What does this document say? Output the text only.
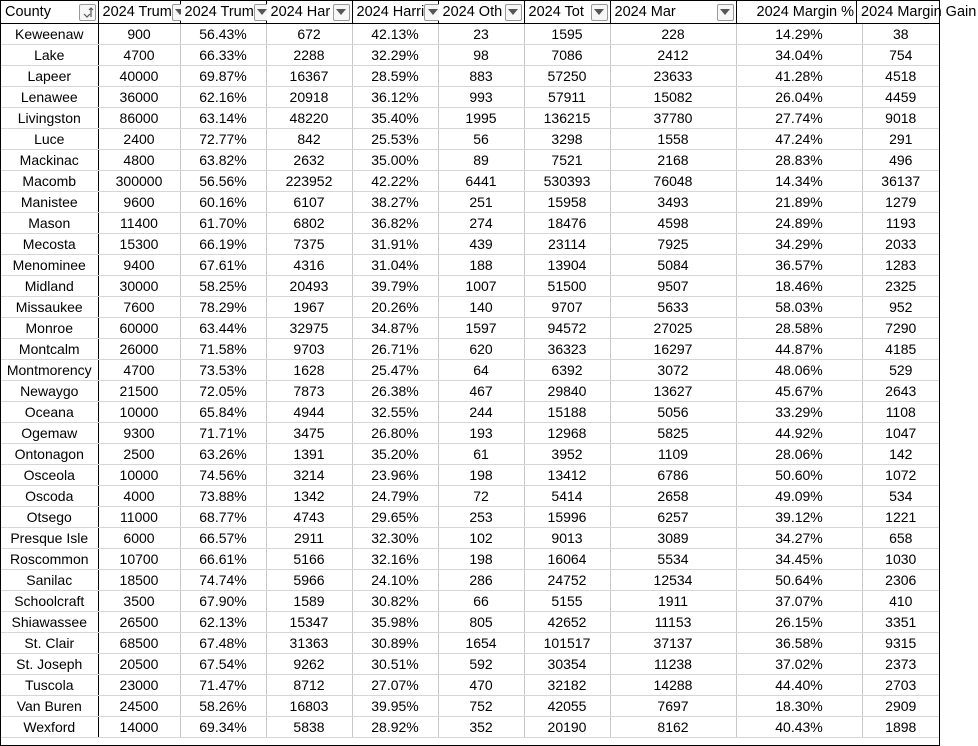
County	2024 Trum	2024 Trum	2024 Har	2024 Harri	2024 Oth	2024 Tot	2024 Mar	2024 Margin % 2024 Margin Gain

Keweenaw	900	56.43%	672	42.13%	23	1595	228	14.29% 38

Lake	4700	66.33%	2288	32.29%	98	7086	2412	34.04% 754

Lapeer	40000	69.87%	16367	28.59%	883	57250	23633	41.28% 4518

Lenawee	36000	62.16%	20918	36.12%	993	57911	15082	26.04% 4459

Livingston	86000	63.14%	48220	35.40%	1995	136215	37780	27.74% 9018

Luce	2400	72.77%	842	25.53%	56	3298	1558	47.24% 291

Mackinac	4800	63.82%	2632	35.00%	89	7521	2168	28.83% 496

Macomb	300000	56.56%	223952	42.22%	6441	530393	76048	14.34% 36137

Manistee	9600	60.16%	6107	38.27%	251	15958	3493	21.89% 1279

Mason	11400	61.70%	6802	36.82%	274	18476	4598	24.89% 1193

Mecosta	15300	66.19%	7375	31.91%	439	23114	7925	34.29% 2033

Menominee	9400	67.61%	4316	31.04%	188	13904	5084	36.57% 1283

Midland	30000	58.25%	20493	39.79%	1007	51500	9507	18.46% 2325

Missaukee	7600	78.29%	1967	20.26%	140	9707	5633	58.03% 952

Monroe	60000	63.44%	32975	34.87%	1597	94572	27025	28.58% 7290

Montcalm	26000	71.58%	9703	26.71%	620	36323	16297	44.87% 4185

Montmorency	4700	73.53%	1628	25.47%	64	6392	3072	48.06% 529

Newaygo	21500	72.05%	7873	26.38%	467	29840	13627	45.67% 2643

Oceana	10000	65.84%	4944	32.55%	244	15188	5056	33.29% 1108

Ogemaw	9300	71.71%	3475	26.80%	193	12968	5825	44.92% 1047

Ontonagon	2500	63.26%	1391	35.20%	61	3952	1109	28.06% 142

Osceola	10000	74.56%	3214	23.96%	198	13412	6786	50.60% 1072

Oscoda	4000	73.88%	1342	24.79%	72	5414	2658	49.09% 534

Otsego	11000	68.77%	4743	29.65%	253	15996	6257	39.12% 1221

Presque Isle	6000	66.57%	2911	32.30%	102	9013	3089	34.27% 658

Roscommon	10700	66.61%	5166	32.16%	198	16064	5534	34.45% 1030

Sanilac	18500	74.74%	5966	24.10%	286	24752	12534	50.64% 2306

Schoolcraft	3500	67.90%	1589	30.82%	66	5155	1911	37.07% 410

Shiawassee	26500	62.13%	15347	35.98%	805	42652	11153	26.15% 3351

St. Clair	68500	67.48%	31363	30.89%	1654	101517	37137	36.58% 9315

St. Joseph	20500	67.54%	9262	30.51%	592	30354	11238	37.02% 2373

Tuscola	23000	71.47%	8712	27.07%	470	32182	14288	44.40% 2703

Van Buren	24500	58.26%	16803	39.95%	752	42055	7697	18.30% 2909

Wexford	14000	69.34%	5838	28.92%	352	20190	8162	40.43% 1898
